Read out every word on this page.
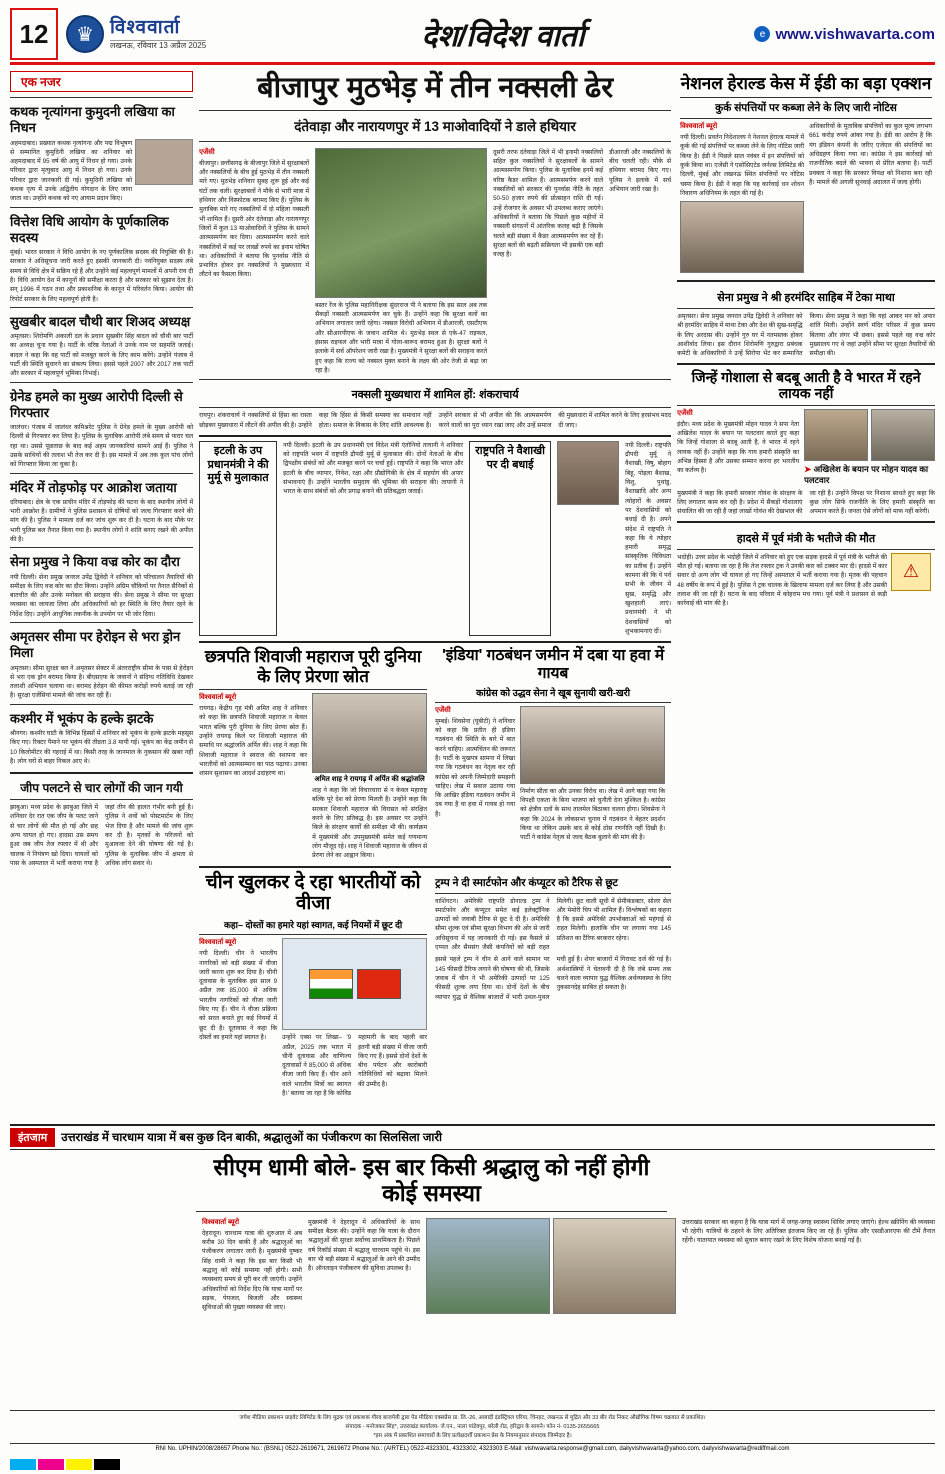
12	♛ विश्ववार्ता
लखनऊ, रविवार 13 अप्रैल 2025	देश/विदेश वार्ता	e www.vishwavarta.com
एक नजर
कथक नृत्यांगना कुमुदनी लखिया का निधन
अहमदाबाद। प्रख्यात कथक नृत्यांगना और पद्म विभूषण से सम्मानित कुमुदिनी लखिया का शनिवार को अहमदाबाद में 95 वर्ष की आयु में निधन हो गया। उनके परिवार द्वारा मृत्युबाद आयु में निधन हो गया। उनके परिवार द्वारा जानकारी दी गई। कुमुदिनी लखिया को कथक नृत्य में उनके अद्वितीय योगदान के लिए जाना जाता था। उन्होंने कथक को नए आयाम प्रदान किए।
वित्तेश विधि आयोग के पूर्णकालिक सदस्य
मुंबई। भारत सरकार ने विधि आयोग के नए पूर्णकालिक सदस्य की नियुक्ति की है। सरकार ने अधिसूचना जारी करते हुए इसकी जानकारी दी। नवनियुक्त सदस्य लंबे समय से विधि क्षेत्र में सक्रिय रहे हैं और उन्होंने कई महत्वपूर्ण मामलों में अपनी राय दी है। विधि आयोग देश में कानूनों की समीक्षा करता है और सरकार को सुझाव देता है। सन् 1996 में गठन तथा और प्रकाशनिक के कानून में परिवर्तन किया। आयोग की रिपोर्ट सरकार के लिए महत्वपूर्ण होती है।
सुखबीर बादल चौथी बार शिअद अध्यक्ष
अमृतसर। शिरोमणि अकाली दल के प्रधान सुखबीर सिंह बादल को चौथी बार पार्टी का अध्यक्ष चुना गया है। पार्टी के वरिष्ठ नेताओं ने उनके नाम पर सहमति जताई। बादल ने कहा कि वह पार्टी को मजबूत करने के लिए काम करेंगे। उन्होंने पंजाब में पार्टी की स्थिति सुधारने का संकल्प लिया। इससे पहले 2007 और 2017 तक पार्टी और सरकार में महत्वपूर्ण भूमिका निभाई।
ग्रेनेड हमले का मुख्य आरोपी दिल्ली से गिरफ्तार
जालंधर। पंजाब में जालंधर कमिश्नरेट पुलिस ने ग्रेनेड हमले के मुख्य आरोपी को दिल्ली से गिरफ्तार कर लिया है। पुलिस के मुताबिक आरोपी लंबे समय से फरार चल रहा था। उससे पूछताछ के बाद कई अहम जानकारियां सामने आई हैं। पुलिस ने उसके साथियों की तलाश भी तेज कर दी है। इस मामले में अब तक कुल पांच लोगों को गिरफ्तार किया जा चुका है।
मंदिर में तोड़फोड़ पर आक्रोश जताया
दरियाबाद। क्षेत्र के एक प्राचीन मंदिर में तोड़फोड़ की घटना के बाद स्थानीय लोगों में भारी आक्रोश है। ग्रामीणों ने पुलिस प्रशासन से दोषियों को जल्द गिरफ्तार करने की मांग की है। पुलिस ने मामला दर्ज कर जांच शुरू कर दी है। घटना के बाद मौके पर भारी पुलिस बल तैनात किया गया है। स्थानीय लोगों ने शांति बनाए रखने की अपील की है।
सेना प्रमुख ने किया वज्र कोर का दौरा
नयी दिल्ली। सेना प्रमुख जनरल उपेंद्र द्विवेदी ने शनिवार को परिचालन तैयारियों की समीक्षा के लिए वज्र कोर का दौरा किया। उन्होंने अग्रिम चौकियों पर तैनात सैनिकों से बातचीत की और उनके मनोबल की सराहना की। सेना प्रमुख ने सीमा पर सुरक्षा व्यवस्था का जायजा लिया और अधिकारियों को हर स्थिति के लिए तैयार रहने के निर्देश दिए। उन्होंने आधुनिक तकनीक के उपयोग पर भी जोर दिया।
अमृतसर सीमा पर हेरोइन से भरा ड्रोन मिला
अमृतसर। सीमा सुरक्षा बल ने अमृतसर सेक्टर में अंतरराष्ट्रीय सीमा के पास से हेरोइन से भरा एक ड्रोन बरामद किया है। बीएसएफ के जवानों ने संदिग्ध गतिविधि देखकर तलाशी अभियान चलाया था। बरामद हेरोइन की कीमत करोड़ों रुपये बताई जा रही है। सुरक्षा एजेंसियां मामले की जांच कर रही हैं।
कश्मीर में भूकंप के हल्के झटके
श्रीनगर। कश्मीर घाटी के विभिन्न हिस्सों में शनिवार को भूकंप के हल्के झटके महसूस किए गए। रिक्टर पैमाने पर भूकंप की तीव्रता 3.8 मापी गई। भूकंप का केंद्र जमीन से 10 किलोमीटर की गहराई में था। किसी तरह के जानमाल के नुकसान की खबर नहीं है। लोग घरों से बाहर निकल आए थे।
जीप पलटने से चार लोगों की जान गयी
झाबुआ। मध्य प्रदेश के झाबुआ जिले में शनिवार देर रात एक जीप के पलट जाने से चार लोगों की मौत हो गई और छह अन्य घायल हो गए। हादसा उस समय हुआ जब जीप तेज रफ्तार में थी और चालक ने नियंत्रण खो दिया। घायलों को पास के अस्पताल में भर्ती कराया गया है जहां तीन की हालत गंभीर बनी हुई है। पुलिस ने शवों को पोस्टमार्टम के लिए भेज दिया है और मामले की जांच शुरू कर दी है। मृतकों के परिजनों को मुआवजा देने की घोषणा की गई है। पुलिस के मुताबिक जीप में क्षमता से अधिक लोग सवार थे।
बीजापुर मुठभेड़ में तीन नक्सली ढेर
दंतेवाड़ा और नारायणपुर में 13 माओवादियों ने डाले हथियार
एजेंसी
बीजापुर। छत्तीसगढ़ के बीजापुर जिले में सुरक्षाबलों और नक्सलियों के बीच हुई मुठभेड़ में तीन नक्सली मारे गए। मुठभेड़ शनिवार सुबह शुरू हुई और कई घंटों तक चली। सुरक्षाबलों ने मौके से भारी मात्रा में हथियार और विस्फोटक बरामद किए हैं। पुलिस के मुताबिक मारे गए नक्सलियों में दो महिला नक्सली भी शामिल हैं। दूसरी ओर दंतेवाड़ा और नारायणपुर जिलों में कुल 13 माओवादियों ने पुलिस के सामने आत्मसमर्पण कर दिया। आत्मसमर्पण करने वाले नक्सलियों में कई पर लाखों रुपये का इनाम घोषित था। अधिकारियों ने बताया कि पुनर्वास नीति से प्रभावित होकर इन नक्सलियों ने मुख्यधारा में लौटने का फैसला किया।
बस्तर रेंज के पुलिस महानिरीक्षक सुंदरराज पी ने बताया कि इस साल अब तक सैकड़ों नक्सली आत्मसमर्पण कर चुके हैं। उन्होंने कहा कि सुरक्षा बलों का अभियान लगातार जारी रहेगा। नक्सल विरोधी अभियान में डीआरजी, एसटीएफ और सीआरपीएफ के जवान शामिल थे। मुठभेड़ स्थल से एके-47 राइफल, इंसास राइफल और भारी मात्रा में गोला-बारूद बरामद हुआ है। सुरक्षा बलों ने इलाके में सर्च ऑपरेशन जारी रखा है। मुख्यमंत्री ने सुरक्षा बलों की सराहना करते हुए कहा कि राज्य को नक्सल मुक्त बनाने के लक्ष्य की ओर तेजी से बढ़ा जा रहा है।
दूसरी तरफ दंतेवाड़ा जिले में भी इनामी नक्सलियों सहित कुल नक्सलियों ने सुरक्षाबलों के सामने आत्मसमर्पण किया। पुलिस के मुताबिक इनमें कई वरिष्ठ कैडर शामिल हैं। आत्मसमर्पण करने वाले नक्सलियों को सरकार की पुनर्वास नीति के तहत 50-50 हजार रुपये की प्रोत्साहन राशि दी गई। उन्हें रोजगार के अवसर भी उपलब्ध कराए जाएंगे। अधिकारियों ने बताया कि पिछले कुछ महीनों में नक्सली संगठनों में आंतरिक कलह बढ़ी है जिसके चलते बड़ी संख्या में कैडर आत्मसमर्पण कर रहे हैं। सुरक्षा बलों की बढ़ती सक्रियता भी इसकी एक बड़ी वजह है।
डीआरजी और नक्सलियों के बीच चलती रही। मौके से हथियार बरामद किए गए। पुलिस ने इलाके में सर्च अभियान जारी रखा है।
नक्सली मुख्यधारा में शामिल हों: शंकराचार्य
रायपुर। शंकराचार्य ने नक्सलियों से हिंसा का रास्ता छोड़कर मुख्यधारा में लौटने की अपील की है। उन्होंने कहा कि हिंसा से किसी समस्या का समाधान नहीं होता। समाज के विकास के लिए शांति आवश्यक है। उन्होंने सरकार से भी अपील की कि आत्मसमर्पण करने वालों का पूरा ध्यान रखा जाए और उन्हें समाज की मुख्यधारा में शामिल करने के लिए हरसंभव मदद दी जाए।
इटली के उप प्रधानमंत्री ने की मुर्मू से मुलाकात
नयी दिल्ली। इटली के उप प्रधानमंत्री एवं विदेश मंत्री एंतोनियो तायानी ने शनिवार को राष्ट्रपति भवन में राष्ट्रपति द्रौपदी मुर्मू से मुलाकात की। दोनों नेताओं के बीच द्विपक्षीय संबंधों को और मजबूत करने पर चर्चा हुई। राष्ट्रपति ने कहा कि भारत और इटली के बीच व्यापार, निवेश, रक्षा और प्रौद्योगिकी के क्षेत्र में सहयोग की अपार संभावनाएं हैं। उन्होंने भारतीय समुदाय की भूमिका की सराहना की। तायानी ने भारत के साथ संबंधों को और प्रगाढ़ बनाने की प्रतिबद्धता जताई।
राष्ट्रपति ने वैशाखी पर दी बधाई
नयी दिल्ली। राष्ट्रपति द्रौपदी मुर्मू ने वैशाखी, विषु, बोहाग बिहू, पोइला बैशाख, विशु, पुथांडु, वैशाखादि और अन्य त्योहारों के अवसर पर देशवासियों को बधाई दी है। अपने संदेश में राष्ट्रपति ने कहा कि ये त्योहार हमारी समृद्ध सांस्कृतिक विविधता का प्रतीक हैं। उन्होंने कामना की कि ये पर्व सभी के जीवन में सुख, समृद्धि और खुशहाली लाएं। प्रधानमंत्री ने भी देशवासियों को शुभकामनाएं दीं।
छत्रपति शिवाजी महाराज पूरी दुनिया के लिए प्रेरणा स्रोत
विश्ववार्ता ब्यूरो
रायगढ़। केंद्रीय गृह मंत्री अमित शाह ने शनिवार को कहा कि छत्रपति शिवाजी महाराज न केवल भारत बल्कि पूरी दुनिया के लिए प्रेरणा स्रोत हैं। उन्होंने रायगढ़ किले पर शिवाजी महाराज की समाधि पर श्रद्धांजलि अर्पित की। शाह ने कहा कि शिवाजी महाराज ने स्वराज की स्थापना कर भारतीयों को आत्मसम्मान का पाठ पढ़ाया। उनका शासन सुशासन का आदर्श उदाहरण था।
अमित शाह ने रायगढ़ में अर्पित की श्रद्धांजलि
शाह ने कहा कि जो विचारधारा से न केवल महाराष्ट्र बल्कि पूरे देश को प्रेरणा मिलती है। उन्होंने कहा कि सरकार शिवाजी महाराज की विरासत को संरक्षित करने के लिए प्रतिबद्ध है। इस अवसर पर उन्होंने किले के संरक्षण कार्यों की समीक्षा भी की। कार्यक्रम में मुख्यमंत्री और उपमुख्यमंत्री समेत कई गणमान्य लोग मौजूद रहे। शाह ने शिवाजी महाराज के जीवन से प्रेरणा लेने का आह्वान किया।
'इंडिया' गठबंधन जमीन में दबा या हवा में गायब
कांग्रेस को उद्धव सेना ने खूब सुनायी खरी-खरी
एजेंसी
मुम्बई। शिवसेना (यूबीटी) ने शनिवार को कहा कि प्रतीत ही इंडिया गठबंधन की स्थिति के बारे में बात करने चाहिए। आत्मचिंतन की जरूरत है। पार्टी के मुखपत्र सामना में लिखा गया कि गठबंधन का नेतृत्व कर रही कांग्रेस को अपनी जिम्मेदारी समझनी चाहिए। लेख में सवाल उठाया गया कि आखिर इंडिया गठबंधन जमीन में दब गया है या हवा में गायब हो गया है।
निर्माण सीता का और उनका विरोध था। लेख में आगे कहा गया कि विपक्षी एकता के बिना भाजपा को चुनौती देना मुश्किल है। कांग्रेस को क्षेत्रीय दलों के साथ तालमेल बिठाकर चलना होगा। शिवसेना ने कहा कि 2024 के लोकसभा चुनाव में गठबंधन ने बेहतर प्रदर्शन किया था लेकिन उसके बाद से कोई ठोस रणनीति नहीं दिखी है। पार्टी ने कांग्रेस नेतृत्व से जल्द बैठक बुलाने की मांग की है।
चीन खुलकर दे रहा भारतीयों को वीजा
कहा– दोस्तों का हमारे यहां स्वागत, कई नियमों में छूट दी
विश्ववार्ता ब्यूरो
नयी दिल्ली। चीन ने भारतीय नागरिकों को बड़ी संख्या में वीजा जारी करना शुरू कर दिया है। चीनी दूतावास के मुताबिक इस साल 9 अप्रैल तक 85,000 से अधिक भारतीय नागरिकों को वीजा जारी किए गए हैं। चीन ने वीजा प्रक्रिया को सरल बनाते हुए कई नियमों में छूट दी है। दूतावास ने कहा कि दोस्तों का हमारे यहां स्वागत है।	उन्होंने एक्स पर लिखा– '9 अप्रैल, 2025 तक भारत में चीनी दूतावास और वाणिज्य दूतावासों ने 85,000 से अधिक वीजा जारी किए हैं। चीन आने वाले भारतीय मित्रों का स्वागत है।' बताया जा रहा है कि कोविड महामारी के बाद पहली बार इतनी बड़ी संख्या में वीजा जारी किए गए हैं। इससे दोनों देशों के बीच पर्यटन और कारोबारी गतिविधियों को बढ़ावा मिलने की उम्मीद है।
ट्रम्प ने दी स्मार्टफोन और कंप्यूटर को टैरिफ से छूट
वाशिंगटन। अमेरिकी राष्ट्रपति डोनाल्ड ट्रम्प ने स्मार्टफोन और कंप्यूटर समेत कई इलेक्ट्रॉनिक उत्पादों को जवाबी टैरिफ से छूट दे दी है। अमेरिकी सीमा शुल्क एवं सीमा सुरक्षा विभाग की ओर से जारी अधिसूचना में यह जानकारी दी गई। इस फैसले से एप्पल और सैमसंग जैसी कंपनियों को बड़ी राहत मिलेगी। छूट वाली सूची में सेमीकंडक्टर, सोलर सेल और मेमोरी चिप भी शामिल हैं। विश्लेषकों का कहना है कि इससे अमेरिकी उपभोक्ताओं को महंगाई से राहत मिलेगी। हालांकि चीन पर लगाया गया 145 प्रतिशत का टैरिफ बरकरार रहेगा।
इससे पहले ट्रम्प ने चीन से आने वाले सामान पर 145 फीसदी टैरिफ लगाने की घोषणा की थी, जिसके जवाब में चीन ने भी अमेरिकी उत्पादों पर 125 फीसदी शुल्क लगा दिया था। दोनों देशों के बीच व्यापार युद्ध से वैश्विक बाजारों में भारी उथल-पुथल मची हुई है। शेयर बाजारों में गिरावट दर्ज की गई है। अर्थशास्त्रियों ने चेतावनी दी है कि लंबे समय तक चलने वाला व्यापार युद्ध वैश्विक अर्थव्यवस्था के लिए नुकसानदेह साबित हो सकता है।
नेशनल हेराल्ड केस में ईडी का बड़ा एक्शन
कुर्क संपत्तियों पर कब्जा लेने के लिए जारी नोटिस
विश्ववार्ता ब्यूरो
नयी दिल्ली। प्रवर्तन निदेशालय ने नेशनल हेराल्ड मामले में कुर्क की गई संपत्तियों पर कब्जा लेने के लिए नोटिस जारी किया है। ईडी ने पिछले साल नवंबर में इन संपत्तियों को कुर्क किया था। एजेंसी ने एसोसिएटेड जर्नल्स लिमिटेड की दिल्ली, मुंबई और लखनऊ स्थित संपत्तियों पर नोटिस चस्पा किया है। ईडी ने कहा कि यह कार्रवाई धन शोधन निवारण अधिनियम के तहत की गई है।
अधिकारियों के मुताबिक संपत्तियों का कुल मूल्य लगभग 661 करोड़ रुपये आंका गया है। ईडी का आरोप है कि यंग इंडियन कंपनी के जरिए एजेएल की संपत्तियों का अधिग्रहण किया गया था। कांग्रेस ने इस कार्रवाई को राजनीतिक बदले की भावना से प्रेरित बताया है। पार्टी प्रवक्ता ने कहा कि सरकार विपक्ष को निशाना बना रही है। मामले की अगली सुनवाई अदालत में जल्द होगी।
सेना प्रमुख ने श्री हरमंदिर साहिब में टेका माथा
अमृतसर। सेना प्रमुख जनरल उपेंद्र द्विवेदी ने शनिवार को श्री हरमंदिर साहिब में माथा टेका और देश की सुख-समृद्धि के लिए अरदास की। उन्होंने गुरु घर में नतमस्तक होकर आशीर्वाद लिया। इस दौरान शिरोमणि गुरुद्वारा प्रबंधक कमेटी के अधिकारियों ने उन्हें सिरोपा भेंट कर सम्मानित किया। सेना प्रमुख ने कहा कि यहां आकर मन को अपार शांति मिली। उन्होंने स्वर्ण मंदिर परिसर में कुछ समय बिताया और लंगर भी छका। इससे पहले वह वज्र कोर मुख्यालय गए थे जहां उन्होंने सीमा पर सुरक्षा तैयारियों की समीक्षा की।
जिन्हें गोशाला से बदबू आती है वे भारत में रहने लायक नहीं
एजेंसी
इंदौर। मध्य प्रदेश के मुख्यमंत्री मोहन यादव ने सपा नेता अखिलेश यादव के बयान पर पलटवार करते हुए कहा कि जिन्हें गोशाला से बदबू आती है, वे भारत में रहने लायक नहीं हैं। उन्होंने कहा कि गाय हमारी संस्कृति का अभिन्न हिस्सा है और उसका सम्मान करना हर भारतीय का कर्तव्य है।	➤ अखिलेश के बयान पर मोहन यादव का पलटवार
मुख्यमंत्री ने कहा कि हमारी सरकार गोवंश के संरक्षण के लिए लगातार काम कर रही है। प्रदेश में सैकड़ों गोशालाएं संचालित की जा रही हैं जहां लाखों गोवंश की देखभाल की जा रही है। उन्होंने विपक्ष पर निशाना साधते हुए कहा कि कुछ लोग सिर्फ राजनीति के लिए हमारी संस्कृति का अपमान करते हैं। जनता ऐसे लोगों को माफ नहीं करेगी।
हादसे में पूर्व मंत्री के भतीजे की मौत
भदोही। उत्तर प्रदेश के भदोही जिले में शनिवार को हुए एक सड़क हादसे में पूर्व मंत्री के भतीजे की मौत हो गई। बताया जा रहा है कि तेज रफ्तार ट्रक ने उनकी कार को टक्कर मार दी। हादसे में कार सवार दो अन्य लोग भी घायल हो गए जिन्हें अस्पताल में भर्ती कराया गया है। मृतक की पहचान 48 वर्षीय के रूप में हुई है। पुलिस ने ट्रक चालक के खिलाफ मामला दर्ज कर लिया है और उसकी तलाश की जा रही है। घटना के बाद परिवार में कोहराम मच गया। पूर्व मंत्री ने प्रशासन से कड़ी कार्रवाई की मांग की है।
⚠
इंतजाम	उत्तराखंड में चारधाम यात्रा में बस कुछ दिन बाकी, श्रद्धालुओं का पंजीकरण का सिलसिला जारी
सीएम धामी बोले- इस बार किसी श्रद्धालु को नहीं होगी कोई समस्या
विश्ववार्ता ब्यूरो
देहरादून। चारधाम यात्रा की शुरुआत में अब करीब 30 दिन बाकी हैं और श्रद्धालुओं का पंजीकरण लगातार जारी है। मुख्यमंत्री पुष्कर सिंह धामी ने कहा कि इस बार किसी भी श्रद्धालु को कोई समस्या नहीं होगी। सभी व्यवस्थाएं समय से पूरी कर ली जाएंगी। उन्होंने अधिकारियों को निर्देश दिए कि यात्रा मार्गों पर सड़क, पेयजल, बिजली और स्वास्थ्य सुविधाओं की पुख्ता व्यवस्था की जाए।
मुख्यमंत्री ने देहरादून में अधिकारियों के साथ समीक्षा बैठक की। उन्होंने कहा कि यात्रा के दौरान श्रद्धालुओं की सुरक्षा सर्वोच्च प्राथमिकता है। पिछले वर्ष रिकॉर्ड संख्या में श्रद्धालु चारधाम पहुंचे थे। इस बार भी बड़ी संख्या में श्रद्धालुओं के आने की उम्मीद है। ऑनलाइन पंजीकरण की सुविधा उपलब्ध है।
उत्तराखंड सरकार का कहना है कि यात्रा मार्ग में जगह-जगह स्वास्थ्य शिविर लगाए जाएंगे। हेल्थ स्क्रीनिंग की व्यवस्था भी रहेगी। यात्रियों के ठहरने के लिए अतिरिक्त इंतजाम किए जा रहे हैं। पुलिस और एसडीआरएफ की टीमें तैनात रहेंगी। यातायात व्यवस्था को सुचारु बनाए रखने के लिए विशेष योजना बनाई गई है।
जयेश मीडिया प्रकाशन प्राइवेट लिमिटेड के लिए मुद्रक एवं प्रकाशक गौरव बाजपेयी द्वारा पेड मीडिया एक्सप्रेस प्रा. लि.-26, आबादी इंडस्ट्रियल एरिया, चिनहट, लखनऊ से मुद्रित और 33 बीर रोड निकट औद्योगिक विषम चक्रवात से प्रकाशित।
संपादक - मनोजकर सिंह*, उत्तराखंड कार्यालय- जे.एन., नाला पांडेयपुर, बरेली रोड, हरिद्वार के सामने। फोन नं- 0135-2655665
*इस अंक में प्रकाशित समाचारों के लिए प्रत्येक्षदर्शी प्रकाशन प्रेस के नियमानुसार संपादक जिम्मेदार है।
RNI No. UPHIN/2008/28657 Phone No.: (BSNL) 0522-2619671, 2619672 Phone No.: (AIRTEL) 0522-4323301, 4323302, 4323303 E-Mail: vishwavarta.response@gmail.com, dailyvishwavarta@yahoo.com, dailyvishwavarta@rediffmail.com
